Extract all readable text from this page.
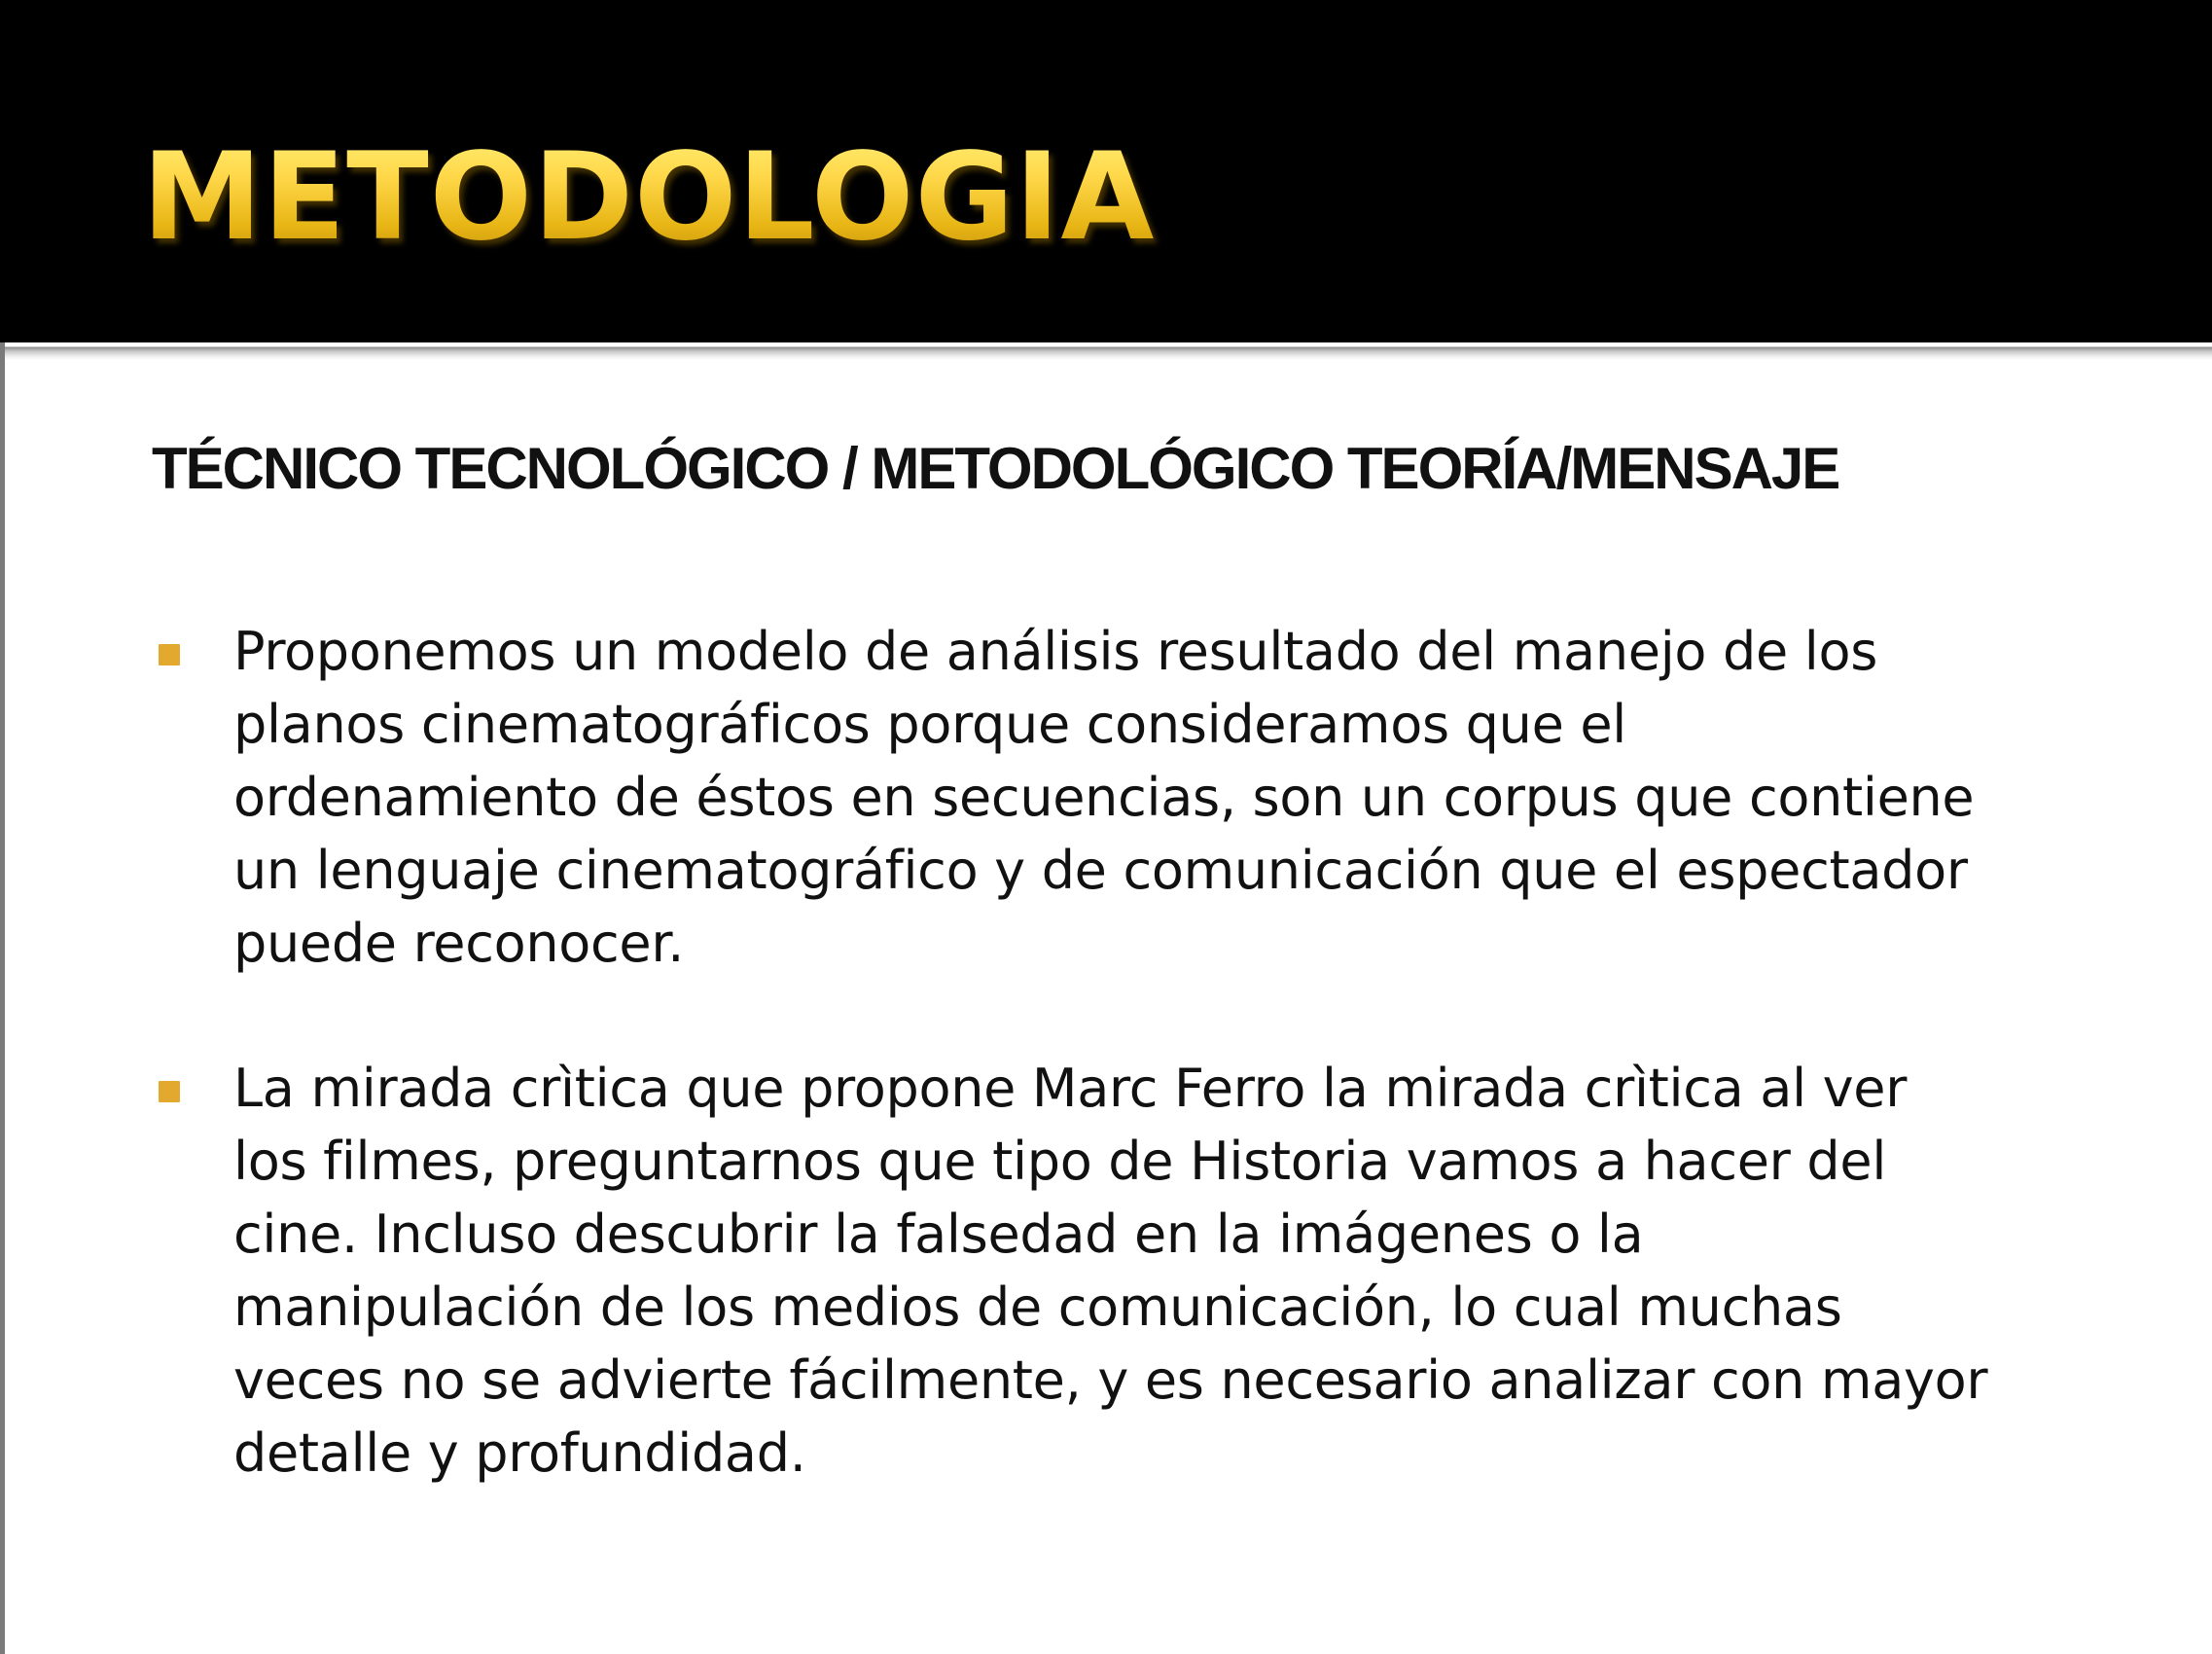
METODOLOGIA
TÉCNICO TECNOLÓGICO / METODOLÓGICO TEORÍA/MENSAJE

Proponemos un modelo de análisis resultado del manejo de los
planos cinematográficos porque consideramos que el
ordenamiento de éstos en secuencias, son un corpus que contiene
un lenguaje cinematográfico y de comunicación que el espectador
puede reconocer.

La mirada crìtica que propone Marc Ferro la mirada crìtica al ver
los filmes, preguntarnos que tipo de Historia vamos a hacer del
cine. Incluso descubrir la falsedad en la imágenes o la
manipulación de los medios de comunicación, lo cual muchas
veces no se advierte fácilmente, y es necesario analizar con mayor
detalle y profundidad.
